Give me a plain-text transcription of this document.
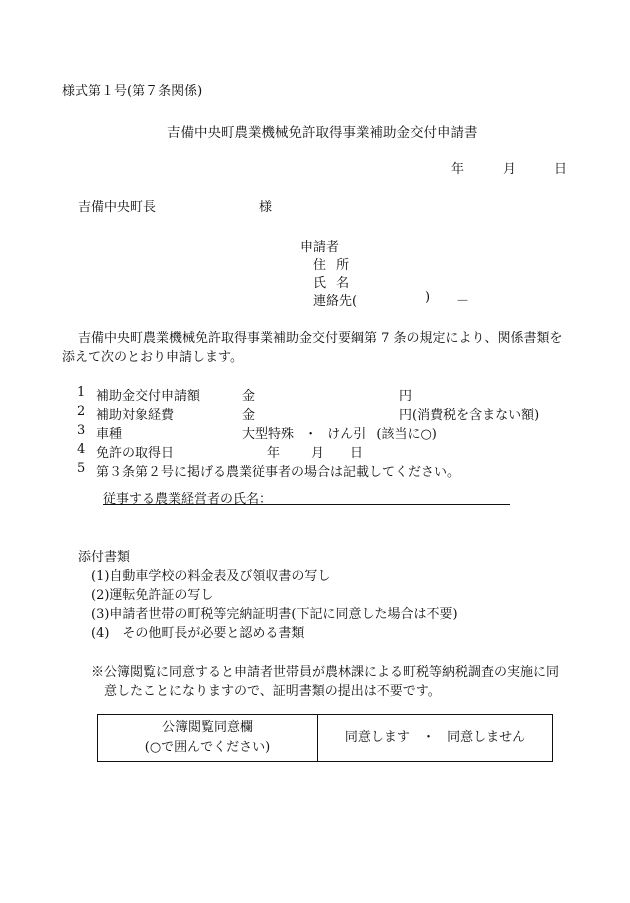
様式第１号(第７条関係)
吉備中央町農業機械免許取得事業補助金交付申請書
年	月	日
吉備中央町長	様
申請者
住 所
氏 名
連絡先(	) －
吉備中央町農業機械免許取得事業補助金交付要綱第 7 条の規定により、関係書類を
添えて次のとおり申請します。
1 補助金交付申請額	金	円
2 補助対象経費	金	円(消費税を含まない額)
3 車種	大型特殊 ・ けん引 (該当に○)
4 免許の取得日	年 月 日
5 第３条第２号に掲げる農業従事者の場合は記載してください。
従事する農業経営者の氏名：
添付書類
(1)自動車学校の料金表及び領収書の写し
(2)運転免許証の写し
(3)申請者世帯の町税等完納証明書(下記に同意した場合は不要)
(4)　その他町長が必要と認める書類
※公簿閲覧に同意すると申請者世帯員が農林課による町税等納税調査の実施に同
意したことになりますので、証明書類の提出は不要です。
公簿閲覧同意欄
(○で囲んでください)
	同意します ・ 同意しません
